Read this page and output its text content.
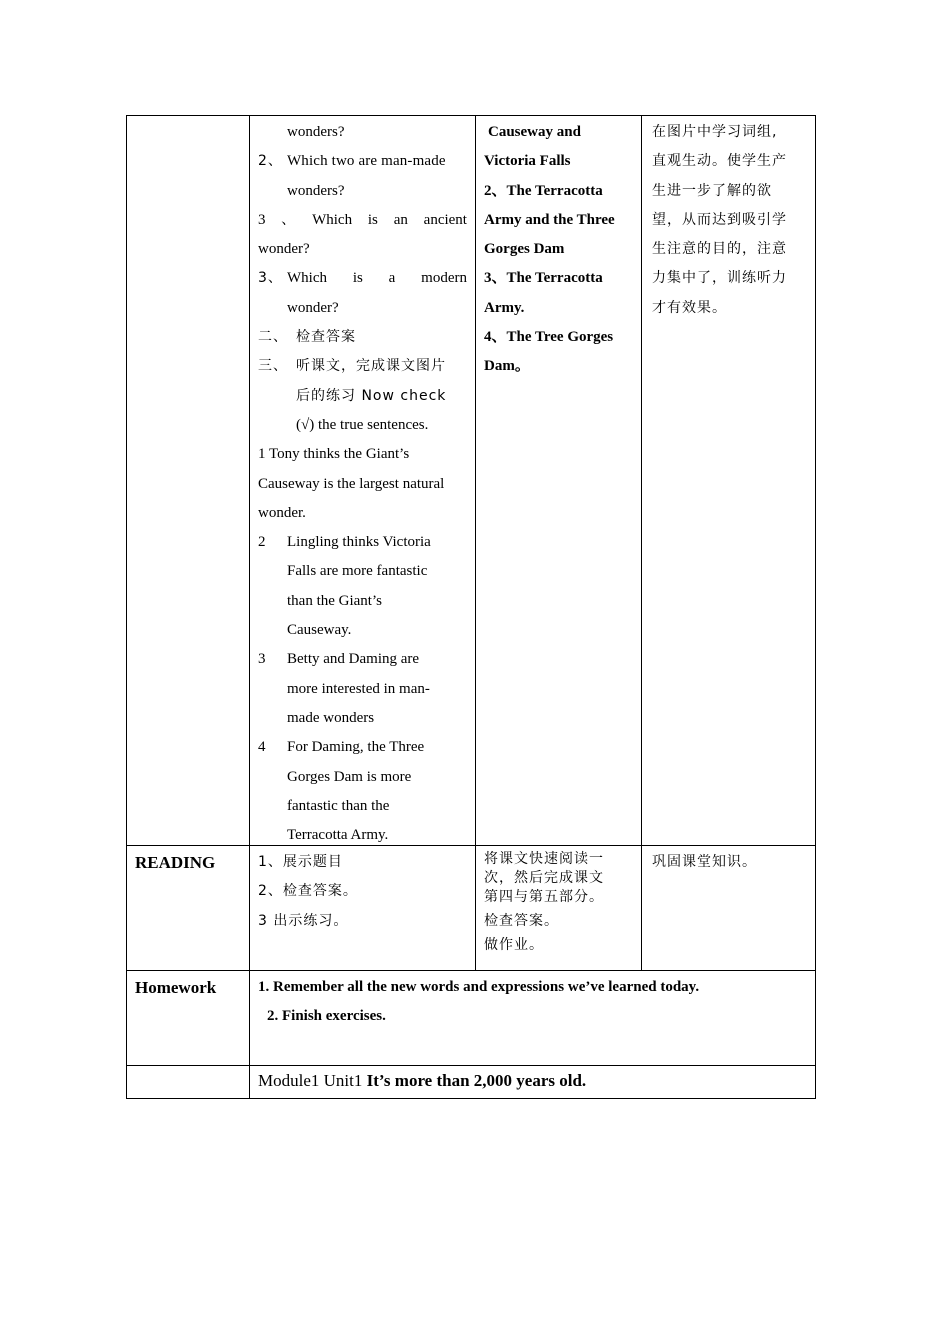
wonders?
2、 Which two are man-made
wonders?
3 、 Which is an ancient
wonder?
3、 Which is a modern
wonder?
二、 检查答案
三、 听课文，完成课文图片
后的练习 Now check
(√) the true sentences.
1 Tony thinks the Giant’s
Causeway is the largest natural
wonder.
2 Lingling thinks Victoria
Falls are more fantastic
than the Giant’s
Causeway.
3 Betty and Daming are
more interested in man-
made wonders
4 For Daming, the Three
Gorges Dam is more
fantastic than the
Terracotta Army.
Causeway and
Victoria Falls
2、The Terracotta
Army and the Three
Gorges Dam
3、The Terracotta
Army.
4、The Tree Gorges
Dam。
在图片中学习词组,
直观生动。使学生产
生进一步了解的欲
望，从而达到吸引学
生注意的目的，注意
力集中了，训练听力
才有效果。
READING	1、展示题目
2、检查答案。
3 出示练习。
将课文快速阅读一
次，然后完成课文
第四与第五部分。
检查答案。
做作业。
巩固课堂知识。
Homework	1. Remember all the new words and expressions we’ve learned today.
2. Finish exercises.
Module1 Unit1 It’s more than 2,000 years old.
